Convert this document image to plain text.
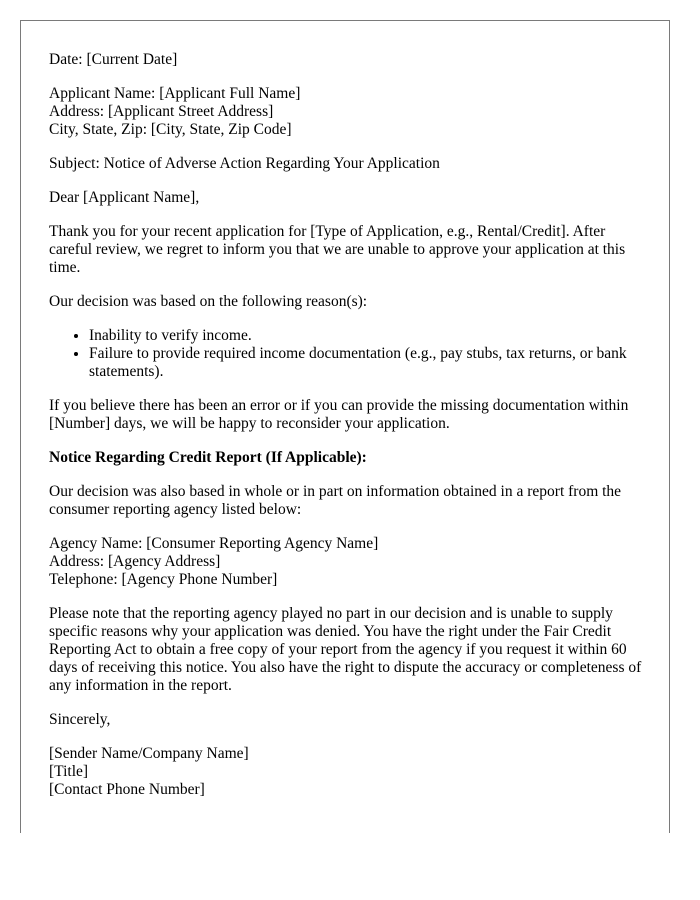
Date: [Current Date]
Applicant Name: [Applicant Full Name]
Address: [Applicant Street Address]
City, State, Zip: [City, State, Zip Code]
Subject: Notice of Adverse Action Regarding Your Application
Dear [Applicant Name],
Thank you for your recent application for [Type of Application, e.g., Rental/Credit]. After careful review, we regret to inform you that we are unable to approve your application at this time.
Our decision was based on the following reason(s):
• Inability to verify income.
• Failure to provide required income documentation (e.g., pay stubs, tax returns, or bank statements).
If you believe there has been an error or if you can provide the missing documentation within [Number] days, we will be happy to reconsider your application.
Notice Regarding Credit Report (If Applicable):
Our decision was also based in whole or in part on information obtained in a report from the consumer reporting agency listed below:
Agency Name: [Consumer Reporting Agency Name]
Address: [Agency Address]
Telephone: [Agency Phone Number]
Please note that the reporting agency played no part in our decision and is unable to supply specific reasons why your application was denied. You have the right under the Fair Credit Reporting Act to obtain a free copy of your report from the agency if you request it within 60 days of receiving this notice. You also have the right to dispute the accuracy or completeness of any information in the report.
Sincerely,
[Sender Name/Company Name]
[Title]
[Contact Phone Number]
